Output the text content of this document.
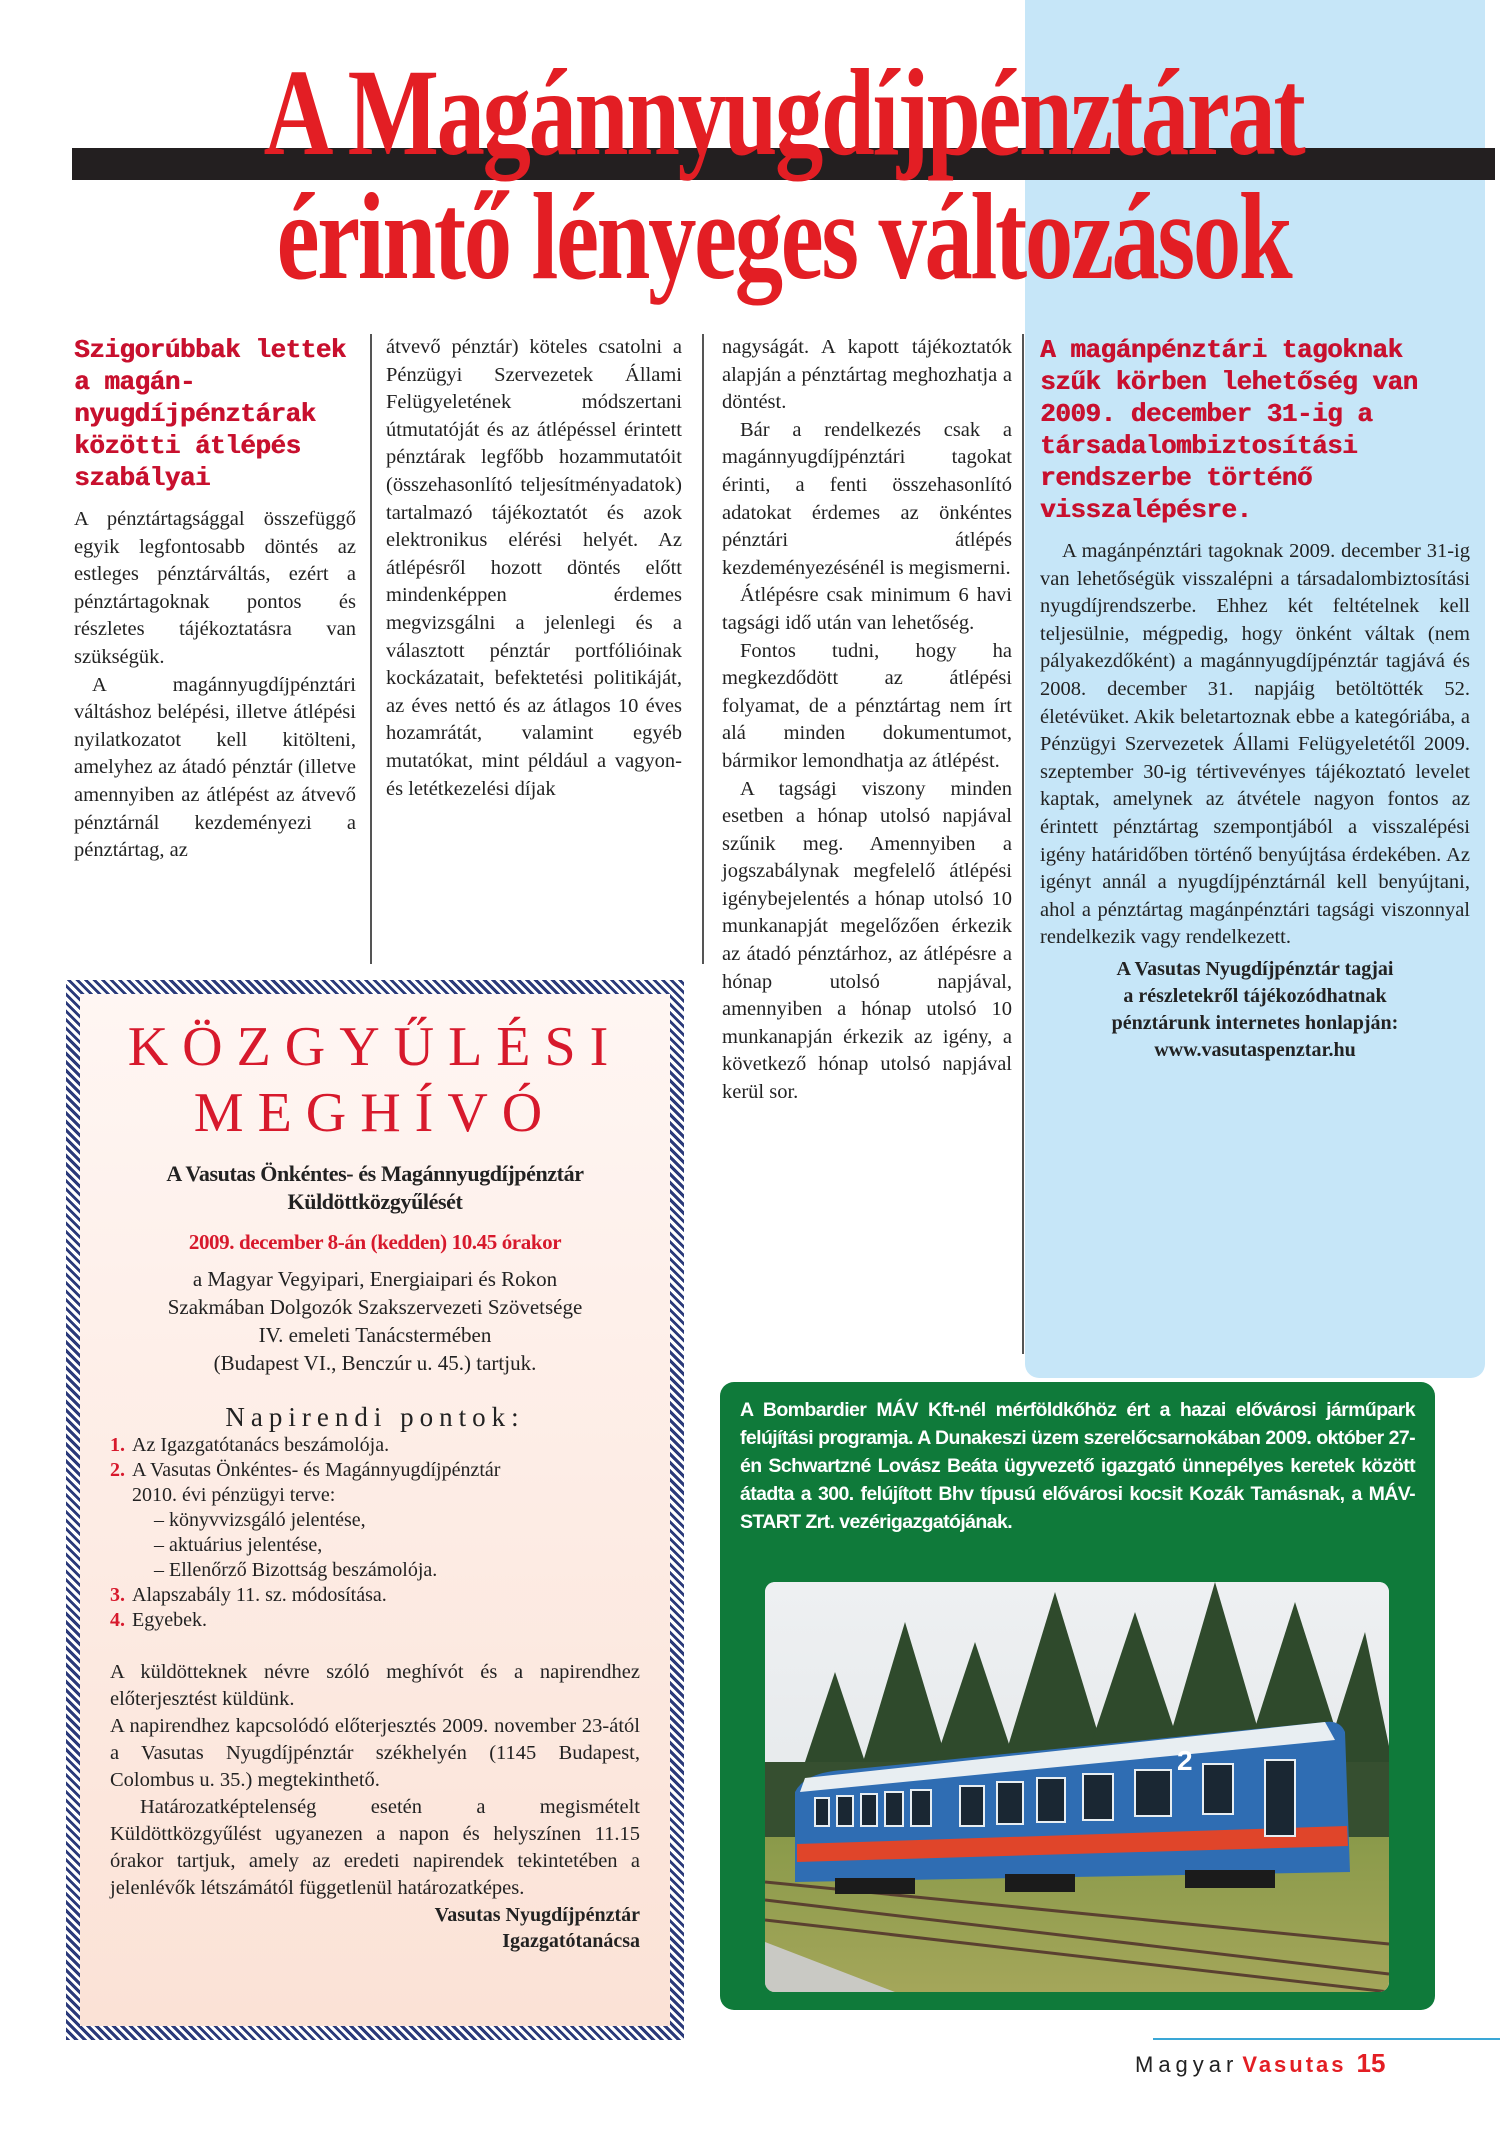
A Magánnyugdíjpénztárat
érintő lényeges változások
Szigorúbbak lettek a magán-nyugdíjpénztárak közötti átlépés szabályai

A pénztártagsággal összefüggő egyik legfontosabb döntés az estleges pénztárváltás, ezért a pénztártagoknak pontos és részletes tájékoztatásra van szükségük.

A magánnyugdíjpénztári váltáshoz belépési, illetve átlépési nyilatkozatot kell kitölteni, amelyhez az átadó pénztár (illetve amennyiben az átlépést az átvevő pénztárnál kezdeményezi a pénztártag, az

átvevő pénztár) köteles csatolni a Pénzügyi Szervezetek Állami Felügyeletének módszertani útmutatóját és az átlépéssel érintett pénztárak legfőbb hozammutatóit (összehasonlító teljesítményadatok) tartalmazó tájékoztatót és azok elektronikus elérési helyét. Az átlépésről hozott döntés előtt mindenképpen érdemes megvizsgálni a jelenlegi és a választott pénztár portfólióinak kockázatait, befektetési politikáját, az éves nettó és az átlagos 10 éves hozamrátát, valamint egyéb mutatókat, mint például a vagyon- és letétkezelési díjak

nagyságát. A kapott tájékoztatók alapján a pénztártag meghozhatja a döntést.

Bár a rendelkezés csak a magánnyugdíjpénztári tagokat érinti, a fenti összehasonlító adatokat érdemes az önkéntes pénztári átlépés kezdeményezésénél is megismerni.

Átlépésre csak minimum 6 havi tagsági idő után van lehetőség.

Fontos tudni, hogy ha megkezdődött az átlépési folyamat, de a pénztártag nem írt alá minden dokumentumot, bármikor lemondhatja az átlépést.

A tagsági viszony minden esetben a hónap utolsó napjával szűnik meg. Amennyiben a jogszabálynak megfelelő átlépési igénybejelentés a hónap utolsó 10 munkanapját megelőzően érkezik az átadó pénztárhoz, az átlépésre a hónap utolsó napjával, amennyiben a hónap utolsó 10 munkanapján érkezik az igény, a következő hónap utolsó napjával kerül sor.

A magánpénztári tagoknak szűk körben lehetőség van 2009. december 31-ig a társadalombiztosítási rendszerbe történő visszalépésre.

A magánpénztári tagoknak 2009. december 31-ig van lehetőségük visszalépni a társadalombiztosítási nyugdíjrendszerbe. Ehhez két feltételnek kell teljesülnie, mégpedig, hogy önként váltak (nem pályakezdőként) a magánnyugdíjpénztár tagjává és 2008. december 31. napjáig betöltötték 52. életévüket. Akik beletartoznak ebbe a kategóriába, a Pénzügyi Szervezetek Állami Felügyeletétől 2009. szeptember 30-ig tértivevényes tájékoztató levelet kaptak, amelynek az átvétele nagyon fontos az érintett pénztártag szempontjából a visszalépési igény határidőben történő benyújtása érdekében. Az igényt annál a nyugdíjpénztárnál kell benyújtani, ahol a pénztártag magánpénztári tagsági viszonnyal rendelkezik vagy rendelkezett.

A Vasutas Nyugdíjpénztár tagjai
a részletekről tájékozódhatnak
pénztárunk internetes honlapján:
www.vasutaspenztar.hu
KÖZGYŰLÉSI
MEGHÍVÓ
A Vasutas Önkéntes- és Magánnyugdíjpénztár
Küldöttközgyűlését
2009. december 8-án (kedden) 10.45 órakor
a Magyar Vegyipari, Energiaipari és Rokon
Szakmában Dolgozók Szakszervezeti Szövetsége
IV. emeleti Tanácstermében
(Budapest VI., Benczúr u. 45.) tartjuk.
Napirendi pontok:
1. Az Igazgatótanács beszámolója.
2. A Vasutas Önkéntes- és Magánnyugdíjpénztár
2010. évi pénzügyi terve:
– könyvvizsgáló jelentése,
– aktuárius jelentése,
– Ellenőrző Bizottság beszámolója.
3. Alapszabály 11. sz. módosítása.
4. Egyebek.

A küldötteknek névre szóló meghívót és a napirendhez előterjesztést küldünk.

A napirendhez kapcsolódó előterjesztés 2009. november 23-ától a Vasutas Nyugdíjpénztár székhelyén (1145 Budapest, Colombus u. 35.) megtekinthető.

Határozatképtelenség esetén a megismételt Küldöttközgyűlést ugyanezen a napon és helyszínen 11.15 órakor tartjuk, amely az eredeti napirendek tekintetében a jelenlévők létszámától függetlenül határozatképes.

Vasutas Nyugdíjpénztár
Igazgatótanácsa
A Bombardier MÁV Kft-nél mérföldkőhöz ért a hazai elővárosi járműpark felújítási programja. A Dunakeszi üzem szerelőcsarnokában 2009. október 27-én Schwartzné Lovász Beáta ügyvezető igazgató ünnepélyes keretek között átadta a 300. felújított Bhv típusú elővárosi kocsit Kozák Tamásnak, a MÁV-START Zrt. vezérigazgatójának.
2
Magyar Vasutas 15
